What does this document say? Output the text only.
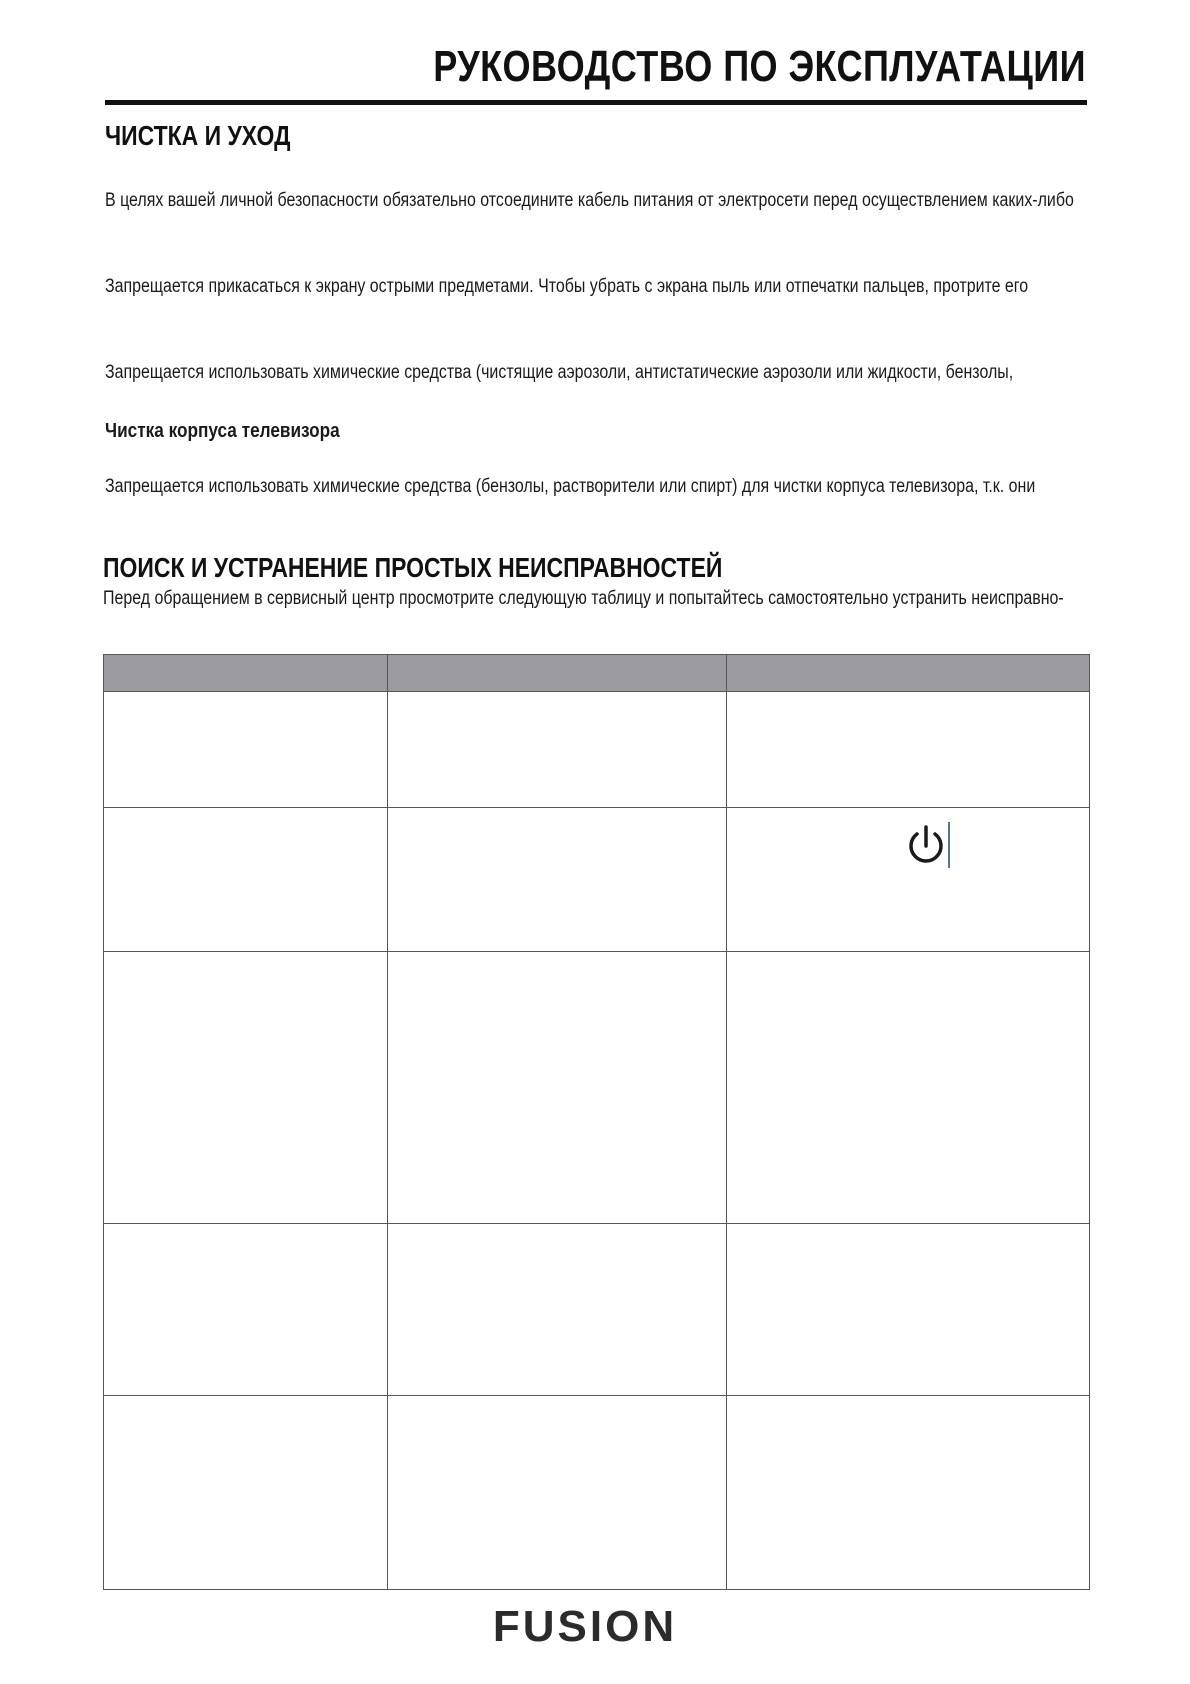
РУКОВОДСТВО ПО ЭКСПЛУАТАЦИИ
ЧИСТКА И УХОД
В целях вашей личной безопасности обязательно отсоедините кабель питания от электросети перед осуществлением каких-либо
Запрещается прикасаться к экрану острыми предметами. Чтобы убрать с экрана пыль или отпечатки пальцев, протрите его
Запрещается использовать химические средства (чистящие аэрозоли, антистатические аэрозоли или жидкости, бензолы,
Чистка корпуса телевизора
Запрещается использовать химические средства (бензолы, растворители или спирт) для чистки корпуса телевизора, т.к. они
ПОИСК И УСТРАНЕНИЕ ПРОСТЫХ НЕИСПРАВНОСТЕЙ
Перед обращением в сервисный центр просмотрите следующую таблицу и попытайтесь самостоятельно устранить неисправно-

FUSION
